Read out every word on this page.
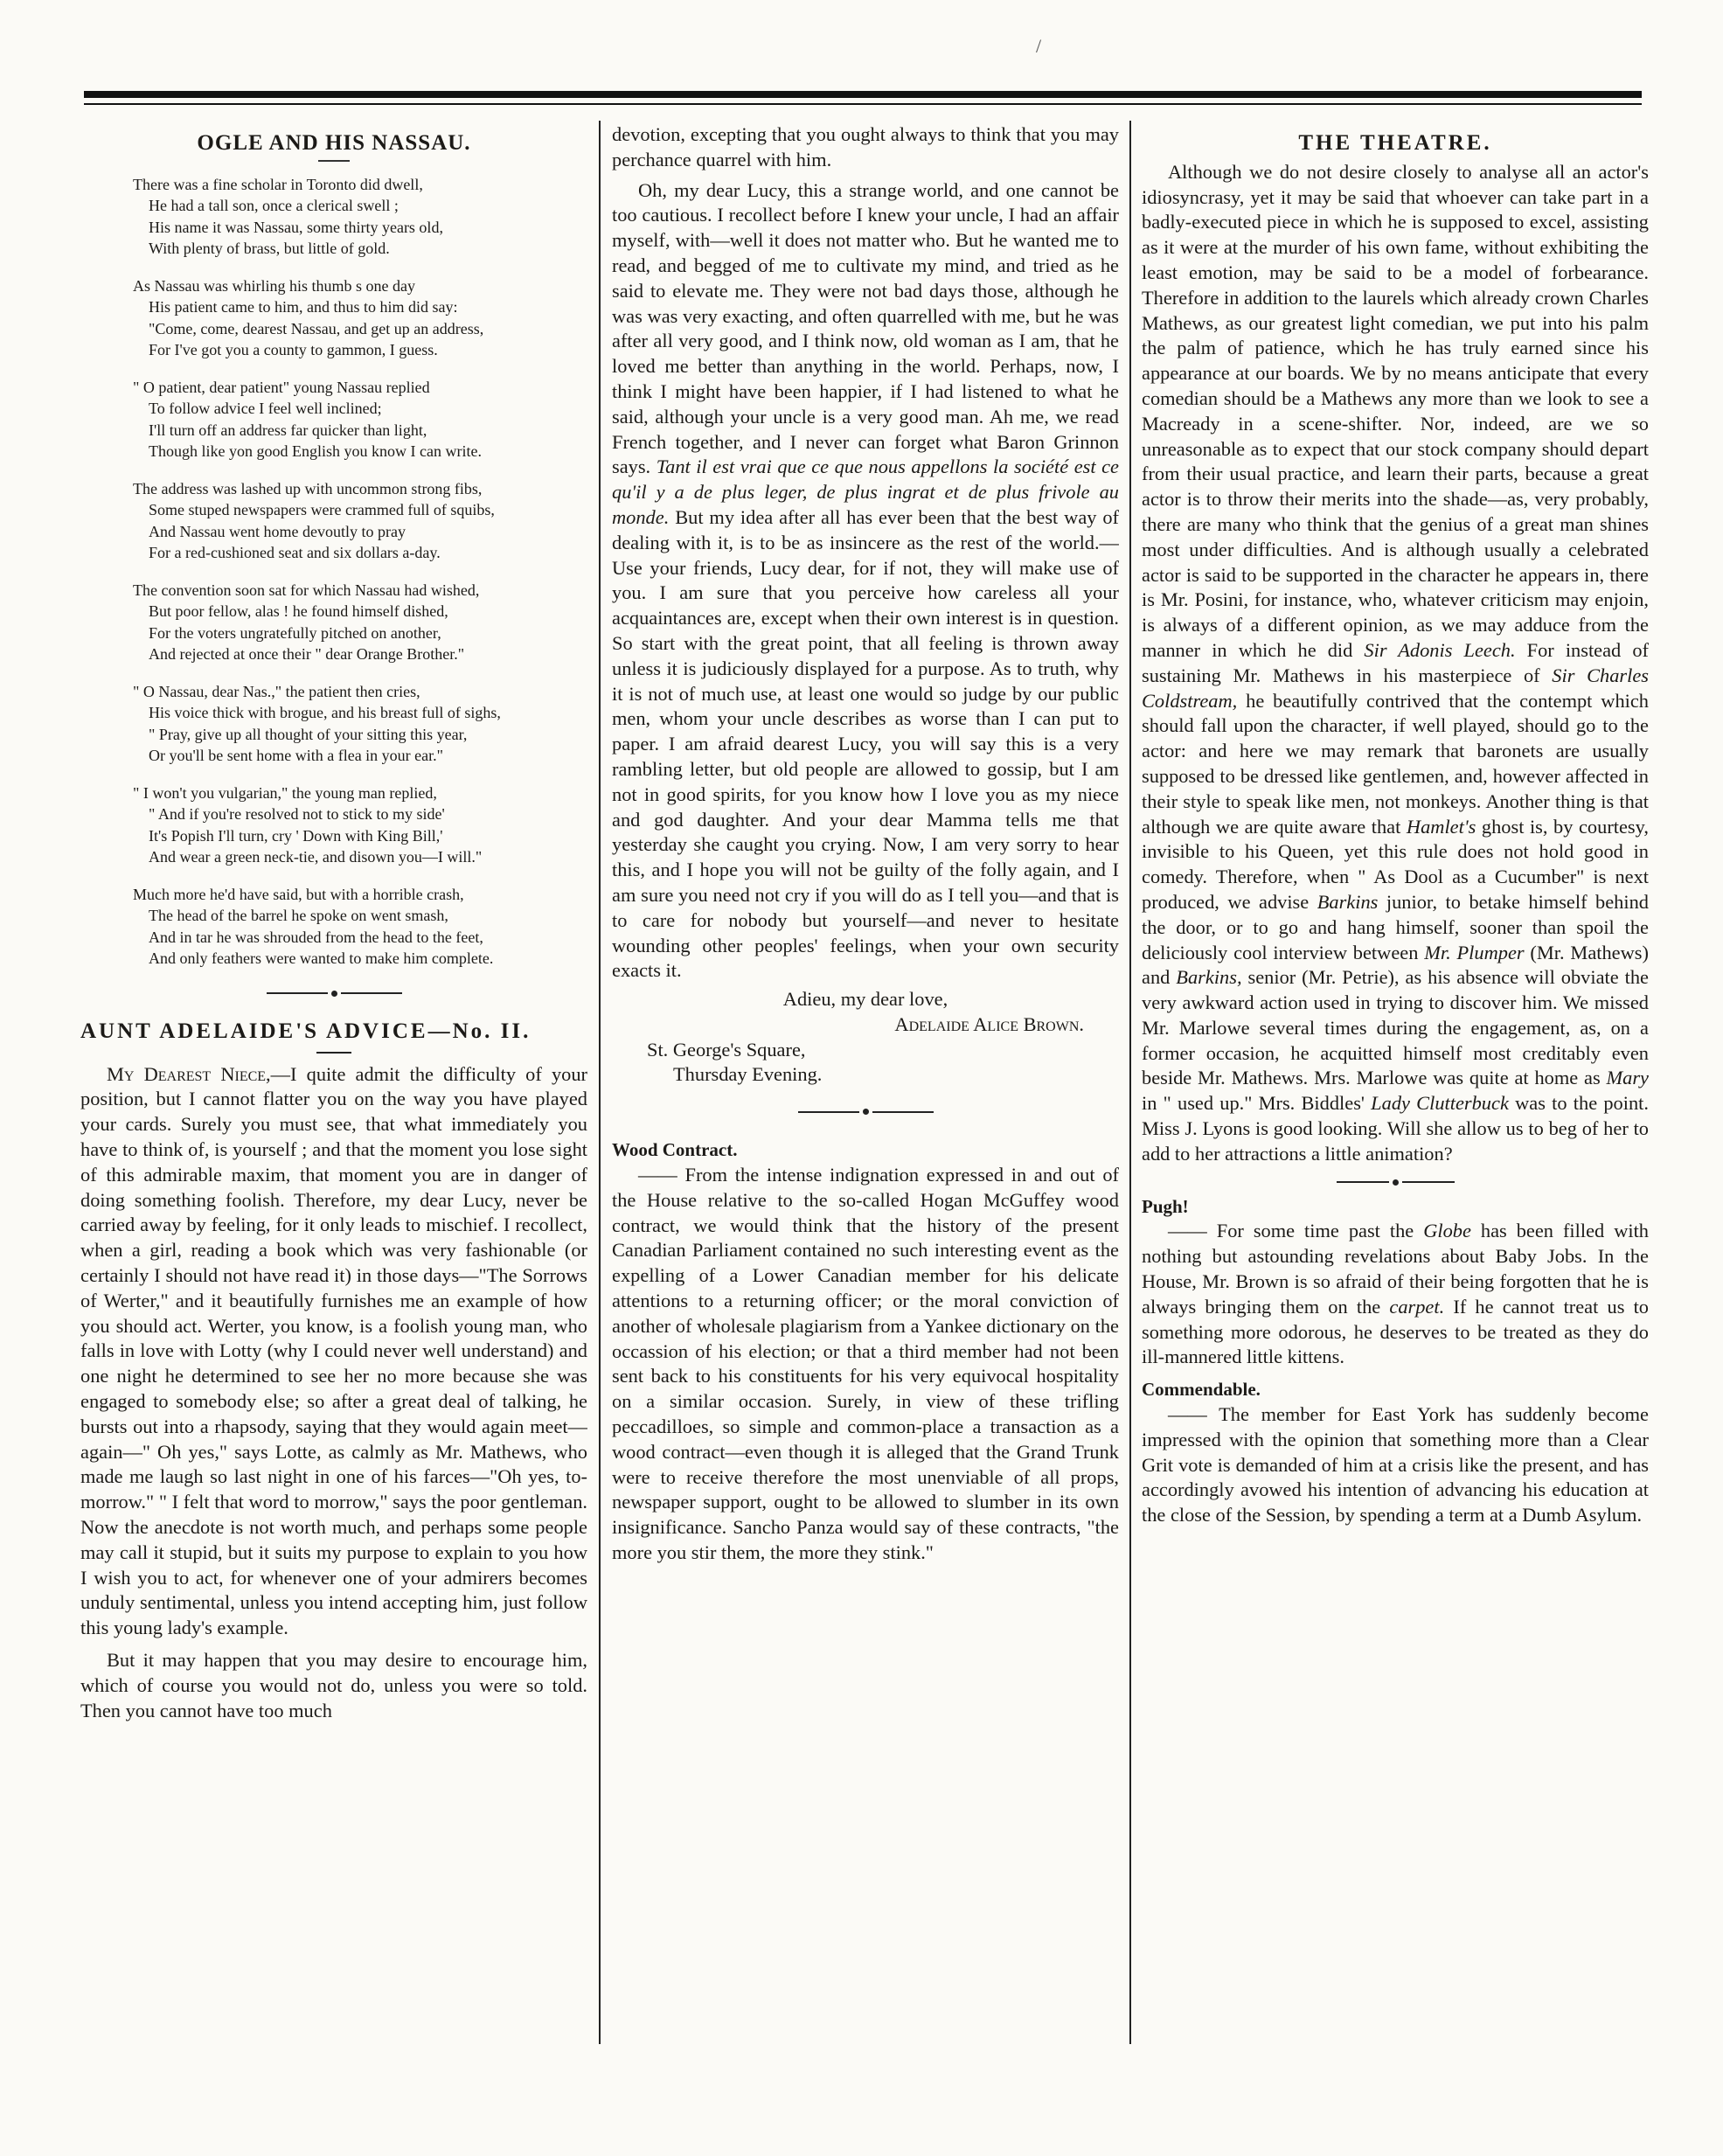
/
OGLE AND HIS NASSAU.
There was a fine scholar in Toronto did dwell,
He had a tall son, once a clerical swell ;
His name it was Nassau, some thirty years old,
With plenty of brass, but little of gold.
As Nassau was whirling his thumb s one day
His patient came to him, and thus to him did say:
"Come, come, dearest Nassau, and get up an address,
For I've got you a county to gammon, I guess.
" O patient, dear patient" young Nassau replied
To follow advice I feel well inclined;
I'll turn off an address far quicker than light,
Though like yon good English you know I can write.
The address was lashed up with uncommon strong fibs,
Some stuped newspapers were crammed full of squibs,
And Nassau went home devoutly to pray
For a red-cushioned seat and six dollars a-day.
The convention soon sat for which Nassau had wished,
But poor fellow, alas ! he found himself dished,
For the voters ungratefully pitched on another,
And rejected at once their " dear Orange Brother."
" O Nassau, dear Nas.," the patient then cries,
His voice thick with brogue, and his breast full of sighs,
" Pray, give up all thought of your sitting this year,
Or you'll be sent home with a flea in your ear."
" I won't you vulgarian," the young man replied,
" And if you're resolved not to stick to my side'
It's Popish I'll turn, cry ' Down with King Bill,'
And wear a green neck-tie, and disown you—I will."
Much more he'd have said, but with a horrible crash,
The head of the barrel he spoke on went smash,
And in tar he was shrouded from the head to the feet,
And only feathers were wanted to make him complete.
AUNT ADELAIDE'S ADVICE—No. II.

My Dearest Niece,—I quite admit the difficulty of your position, but I cannot flatter you on the way you have played your cards. Surely you must see, that what immediately you have to think of, is yourself ; and that the moment you lose sight of this admirable maxim, that moment you are in danger of doing something foolish. Therefore, my dear Lucy, never be carried away by feeling, for it only leads to mischief. I recollect, when a girl, reading a book which was very fashionable (or certainly I should not have read it) in those days—"The Sorrows of Werter," and it beautifully furnishes me an example of how you should act. Werter, you know, is a foolish young man, who falls in love with Lotty (why I could never well understand) and one night he determined to see her no more because she was engaged to somebody else; so after a great deal of talking, he bursts out into a rhapsody, saying that they would again meet—again—" Oh yes," says Lotte, as calmly as Mr. Mathews, who made me laugh so last night in one of his farces—"Oh yes, to-morrow." " I felt that word to morrow," says the poor gentleman. Now the anecdote is not worth much, and perhaps some people may call it stupid, but it suits my purpose to explain to you how I wish you to act, for whenever one of your admirers becomes unduly sentimental, unless you intend accepting him, just follow this young lady's example.

But it may happen that you may desire to encourage him, which of course you would not do, unless you were so told. Then you cannot have too much

devotion, excepting that you ought always to think that you may perchance quarrel with him.

Oh, my dear Lucy, this a strange world, and one cannot be too cautious. I recollect before I knew your uncle, I had an affair myself, with—well it does not matter who. But he wanted me to read, and begged of me to cultivate my mind, and tried as he said to elevate me. They were not bad days those, although he was was very exacting, and often quarrelled with me, but he was after all very good, and I think now, old woman as I am, that he loved me better than anything in the world. Perhaps, now, I think I might have been happier, if I had listened to what he said, although your uncle is a very good man. Ah me, we read French together, and I never can forget what Baron Grinnon says. Tant il est vrai que ce que nous appellons la société est ce qu'il y a de plus leger, de plus ingrat et de plus frivole au monde. But my idea after all has ever been that the best way of dealing with it, is to be as insincere as the rest of the world.—Use your friends, Lucy dear, for if not, they will make use of you. I am sure that you perceive how careless all your acquaintances are, except when their own interest is in question. So start with the great point, that all feeling is thrown away unless it is judiciously displayed for a purpose. As to truth, why it is not of much use, at least one would so judge by our public men, whom your uncle describes as worse than I can put to paper. I am afraid dearest Lucy, you will say this is a very rambling letter, but old people are allowed to gossip, but I am not in good spirits, for you know how I love you as my niece and god daughter. And your dear Mamma tells me that yesterday she caught you crying. Now, I am very sorry to hear this, and I hope you will not be guilty of the folly again, and I am sure you need not cry if you will do as I tell you—and that is to care for nobody but yourself—and never to hesitate wounding other peoples' feelings, when your own security exacts it.

Adieu, my dear love,

Adelaide Alice Brown.

St. George's Square,

Thursday Evening.

Wood Contract.

—— From the intense indignation expressed in and out of the House relative to the so-called Hogan McGuffey wood contract, we would think that the history of the present Canadian Parliament contained no such interesting event as the expelling of a Lower Canadian member for his delicate attentions to a returning officer; or the moral conviction of another of wholesale plagiarism from a Yankee dictionary on the occassion of his election; or that a third member had not been sent back to his constituents for his very equivocal hospitality on a similar occasion. Surely, in view of these trifling peccadilloes, so simple and common-place a transaction as a wood contract—even though it is alleged that the Grand Trunk were to receive therefore the most unenviable of all props, newspaper support, ought to be allowed to slumber in its own insignificance. Sancho Panza would say of these contracts, "the more you stir them, the more they stink."

THE THEATRE.

Although we do not desire closely to analyse all an actor's idiosyncrasy, yet it may be said that whoever can take part in a badly-executed piece in which he is supposed to excel, assisting as it were at the murder of his own fame, without exhibiting the least emotion, may be said to be a model of forbearance. Therefore in addition to the laurels which already crown Charles Mathews, as our greatest light comedian, we put into his palm the palm of patience, which he has truly earned since his appearance at our boards. We by no means anticipate that every comedian should be a Mathews any more than we look to see a Macready in a scene-shifter. Nor, indeed, are we so unreasonable as to expect that our stock company should depart from their usual practice, and learn their parts, because a great actor is to throw their merits into the shade—as, very probably, there are many who think that the genius of a great man shines most under difficulties. And is although usually a celebrated actor is said to be supported in the character he appears in, there is Mr. Posini, for instance, who, whatever criticism may enjoin, is always of a different opinion, as we may adduce from the manner in which he did Sir Adonis Leech. For instead of sustaining Mr. Mathews in his masterpiece of Sir Charles Coldstream, he beautifully contrived that the contempt which should fall upon the character, if well played, should go to the actor: and here we may remark that baronets are usually supposed to be dressed like gentlemen, and, however affected in their style to speak like men, not monkeys. Another thing is that although we are quite aware that Hamlet's ghost is, by courtesy, invisible to his Queen, yet this rule does not hold good in comedy. Therefore, when " As Dool as a Cucumber" is next produced, we advise Barkins junior, to betake himself behind the door, or to go and hang himself, sooner than spoil the deliciously cool interview between Mr. Plumper (Mr. Mathews) and Barkins, senior (Mr. Petrie), as his absence will obviate the very awkward action used in trying to discover him. We missed Mr. Marlowe several times during the engagement, as, on a former occasion, he acquitted himself most creditably even beside Mr. Mathews. Mrs. Marlowe was quite at home as Mary in " used up." Mrs. Biddles' Lady Clutterbuck was to the point. Miss J. Lyons is good looking. Will she allow us to beg of her to add to her attractions a little animation?

Pugh!

—— For some time past the Globe has been filled with nothing but astounding revelations about Baby Jobs. In the House, Mr. Brown is so afraid of their being forgotten that he is always bringing them on the carpet. If he cannot treat us to something more odorous, he deserves to be treated as they do ill-mannered little kittens.

Commendable.

—— The member for East York has suddenly become impressed with the opinion that something more than a Clear Grit vote is demanded of him at a crisis like the present, and has accordingly avowed his intention of advancing his education at the close of the Session, by spending a term at a Dumb Asylum.
